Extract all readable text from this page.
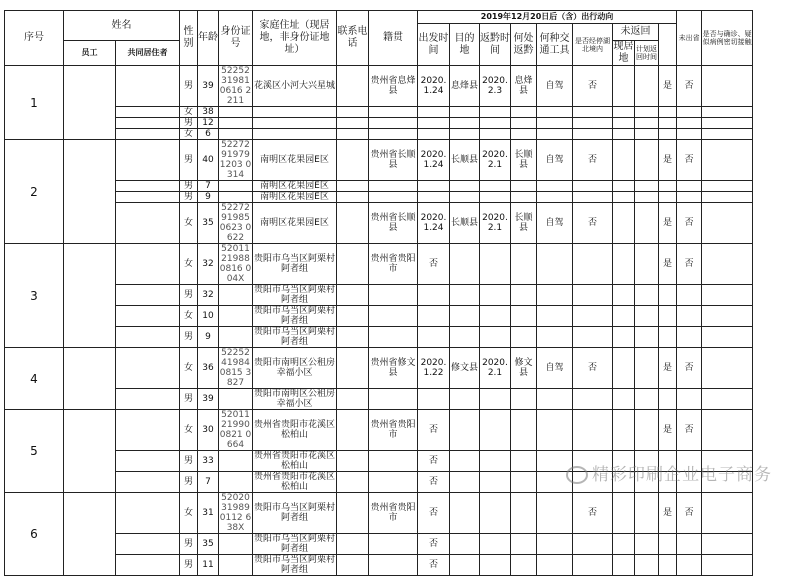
序号	姓名		性别	年龄	身份证号	家庭住址（现居地，非身份证地址）	联系电话	籍贯	2019年12月20日后（含）出行动向									未出省	是否与确诊、疑似病例密切接触	
									出发时间	目的地	返黔时间	何处返黔	何种交通工具	是否经停湖北境内	未返回					
	员工	共同居住者													现居地	计划返回时间				
1			男	39	52252319810616 2211	花溪区小河大兴星城		贵州省息烽县	2020.1.24	息烽县	2020.2.3	息烽县	自驾	否			是	否		
			女	38																
			男	12																
			女	6																
2			男	40	52272919791203 0314	南明区花果园E区		贵州省长顺县	2020.1.24	长顺县	2020.2.1	长顺县	自驾	否			是	否		
			男	7		南明区花果园E区														
			男	9		南明区花果园E区														
			女	35	52272919850623 0622	南明区花果园E区		贵州省长顺县	2020.1.24	长顺县	2020.2.1	长顺县	自驾	否			是	否		
3			女	32	52011219880816 004X	贵阳市乌当区阿栗村阿者组		贵州省贵阳市	否								是	否		
			男	32		贵阳市乌当区阿栗村阿者组														
			女	10		贵阳市乌当区阿栗村阿者组														
			男	9		贵阳市乌当区阿栗村阿者组														
4			女	36	52252419840815 3827	贵阳市南明区公租房幸福小区		贵州省修文县	2020.1.22	修文县	2020.2.1	修文县	自驾	否			是	否		
			男	39		贵阳市南明区公租房幸福小区														
5			女	30	52011219900821 0664	贵州省贵阳市花溪区松柏山		贵州省贵阳市	否								是	否		
			男	33		贵州省贵阳市花溪区松柏山			否											
			男	7		贵州省贵阳市花溪区松柏山			否											
6			女	31	52020319890112 638X	贵阳市乌当区阿栗村阿者组		贵州省贵阳市	否					否			是	否		
			男	35		贵阳市乌当区阿栗村阿者组			否											
			男	11		贵阳市乌当区阿栗村阿者组			否											
精彩印刷企业电子商务
